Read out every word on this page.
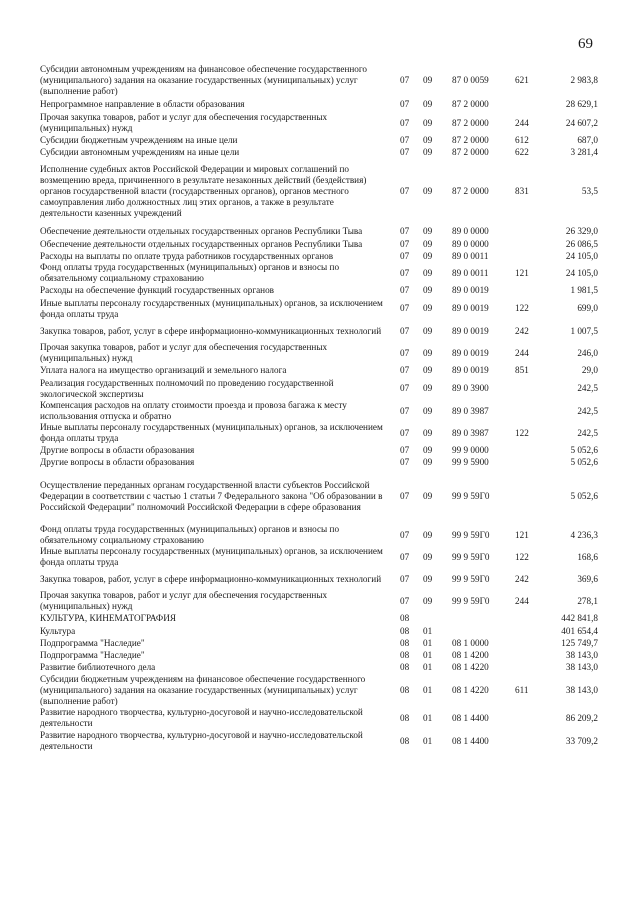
69
Субсидии автономным учреждениям на финансовое обеспечение государственного (муниципального) задания на оказание государственных (муниципальных) услуг (выполнение работ)
07 09 87 0 0059	621	2 983,8
Непрограммное направление в области образования	07 09 87 2 0000	28 629,1
Прочая закупка товаров, работ и услуг для обеспечения государственных (муниципальных) нужд
07 09 87 2 0000	244	24 607,2
Субсидии бюджетным учреждениям на иные цели	07 09 87 2 0000	612	687,0
Субсидии автономным учреждениям на иные цели	07 09 87 2 0000	622	3 281,4
Исполнение судебных актов Российской Федерации и мировых соглашений по возмещению вреда, причиненного в результате незаконных действий (бездействия) органов государственной власти (государственных органов), органов местного самоуправления либо должностных лиц этих органов, а также в результате деятельности казенных учреждений
07 09 87 2 0000	831	53,5
Обеспечение деятельности отдельных государственных органов Республики Тыва	07 09 89 0 0000	26 329,0
Обеспечение деятельности отдельных государственных органов Республики Тыва	07 09 89 0 0000	26 086,5
Расходы на выплаты по оплате труда работников государственных органов	07 09 89 0 0011	24 105,0
Фонд оплаты труда государственных (муниципальных) органов и взносы по обязательному социальному страхованию
07 09 89 0 0011	121	24 105,0
Расходы на обеспечение функций государственных органов	07 09 89 0 0019	1 981,5
Иные выплаты персоналу государственных (муниципальных) органов, за исключением фонда оплаты труда
07 09 89 0 0019	122	699,0
Закупка товаров, работ, услуг в сфере информационно-коммуникационных технологий	07 09 89 0 0019	242	1 007,5
Прочая закупка товаров, работ и услуг для обеспечения государственных (муниципальных) нужд
07 09 89 0 0019	244	246,0
Уплата налога на имущество организаций и земельного налога	07 09 89 0 0019	851	29,0
Реализация государственных полномочий по проведению государственной экологической экспертизы
07 09 89 0 3900	242,5
Компенсация расходов на оплату стоимости проезда и провоза багажа к месту использования отпуска и обратно
07 09 89 0 3987	242,5
Иные выплаты персоналу государственных (муниципальных) органов, за исключением фонда оплаты труда
07 09 89 0 3987	122	242,5
Другие вопросы в области образования	07 09 99 9 0000	5 052,6
Другие вопросы в области образования	07 09 99 9 5900	5 052,6
Осуществление переданных органам государственной власти субъектов Российской Федерации в соответствии с частью 1 статьи 7 Федерального закона "Об образовании в Российской Федерации" полномочий Российской Федерации в сфере образования
07 09 99 9 59Г0	5 052,6
Фонд оплаты труда государственных (муниципальных) органов и взносы по обязательному социальному страхованию
07 09 99 9 59Г0	121	4 236,3
Иные выплаты персоналу государственных (муниципальных) органов, за исключением фонда оплаты труда
07 09 99 9 59Г0	122	168,6
Закупка товаров, работ, услуг в сфере информационно-коммуникационных технологий	07 09 99 9 59Г0	242	369,6
Прочая закупка товаров, работ и услуг для обеспечения государственных (муниципальных) нужд
07 09 99 9 59Г0	244	278,1
КУЛЬТУРА, КИНЕМАТОГРАФИЯ	08	442 841,8
Культура	08 01	401 654,4
Подпрограмма "Наследие"	08 01 08 1 0000	125 749,7
Подпрограмма "Наследие"	08 01 08 1 4200	38 143,0
Развитие библиотечного дела	08 01 08 1 4220	38 143,0
Субсидии бюджетным учреждениям на финансовое обеспечение государственного (муниципального) задания на оказание государственных (муниципальных) услуг (выполнение работ)
08 01 08 1 4220	611	38 143,0
Развитие народного творчества, культурно-досуговой и научно-исследовательской деятельности
08 01 08 1 4400	86 209,2
Развитие народного творчества, культурно-досуговой и научно-исследовательской деятельности
08 01 08 1 4400	33 709,2
